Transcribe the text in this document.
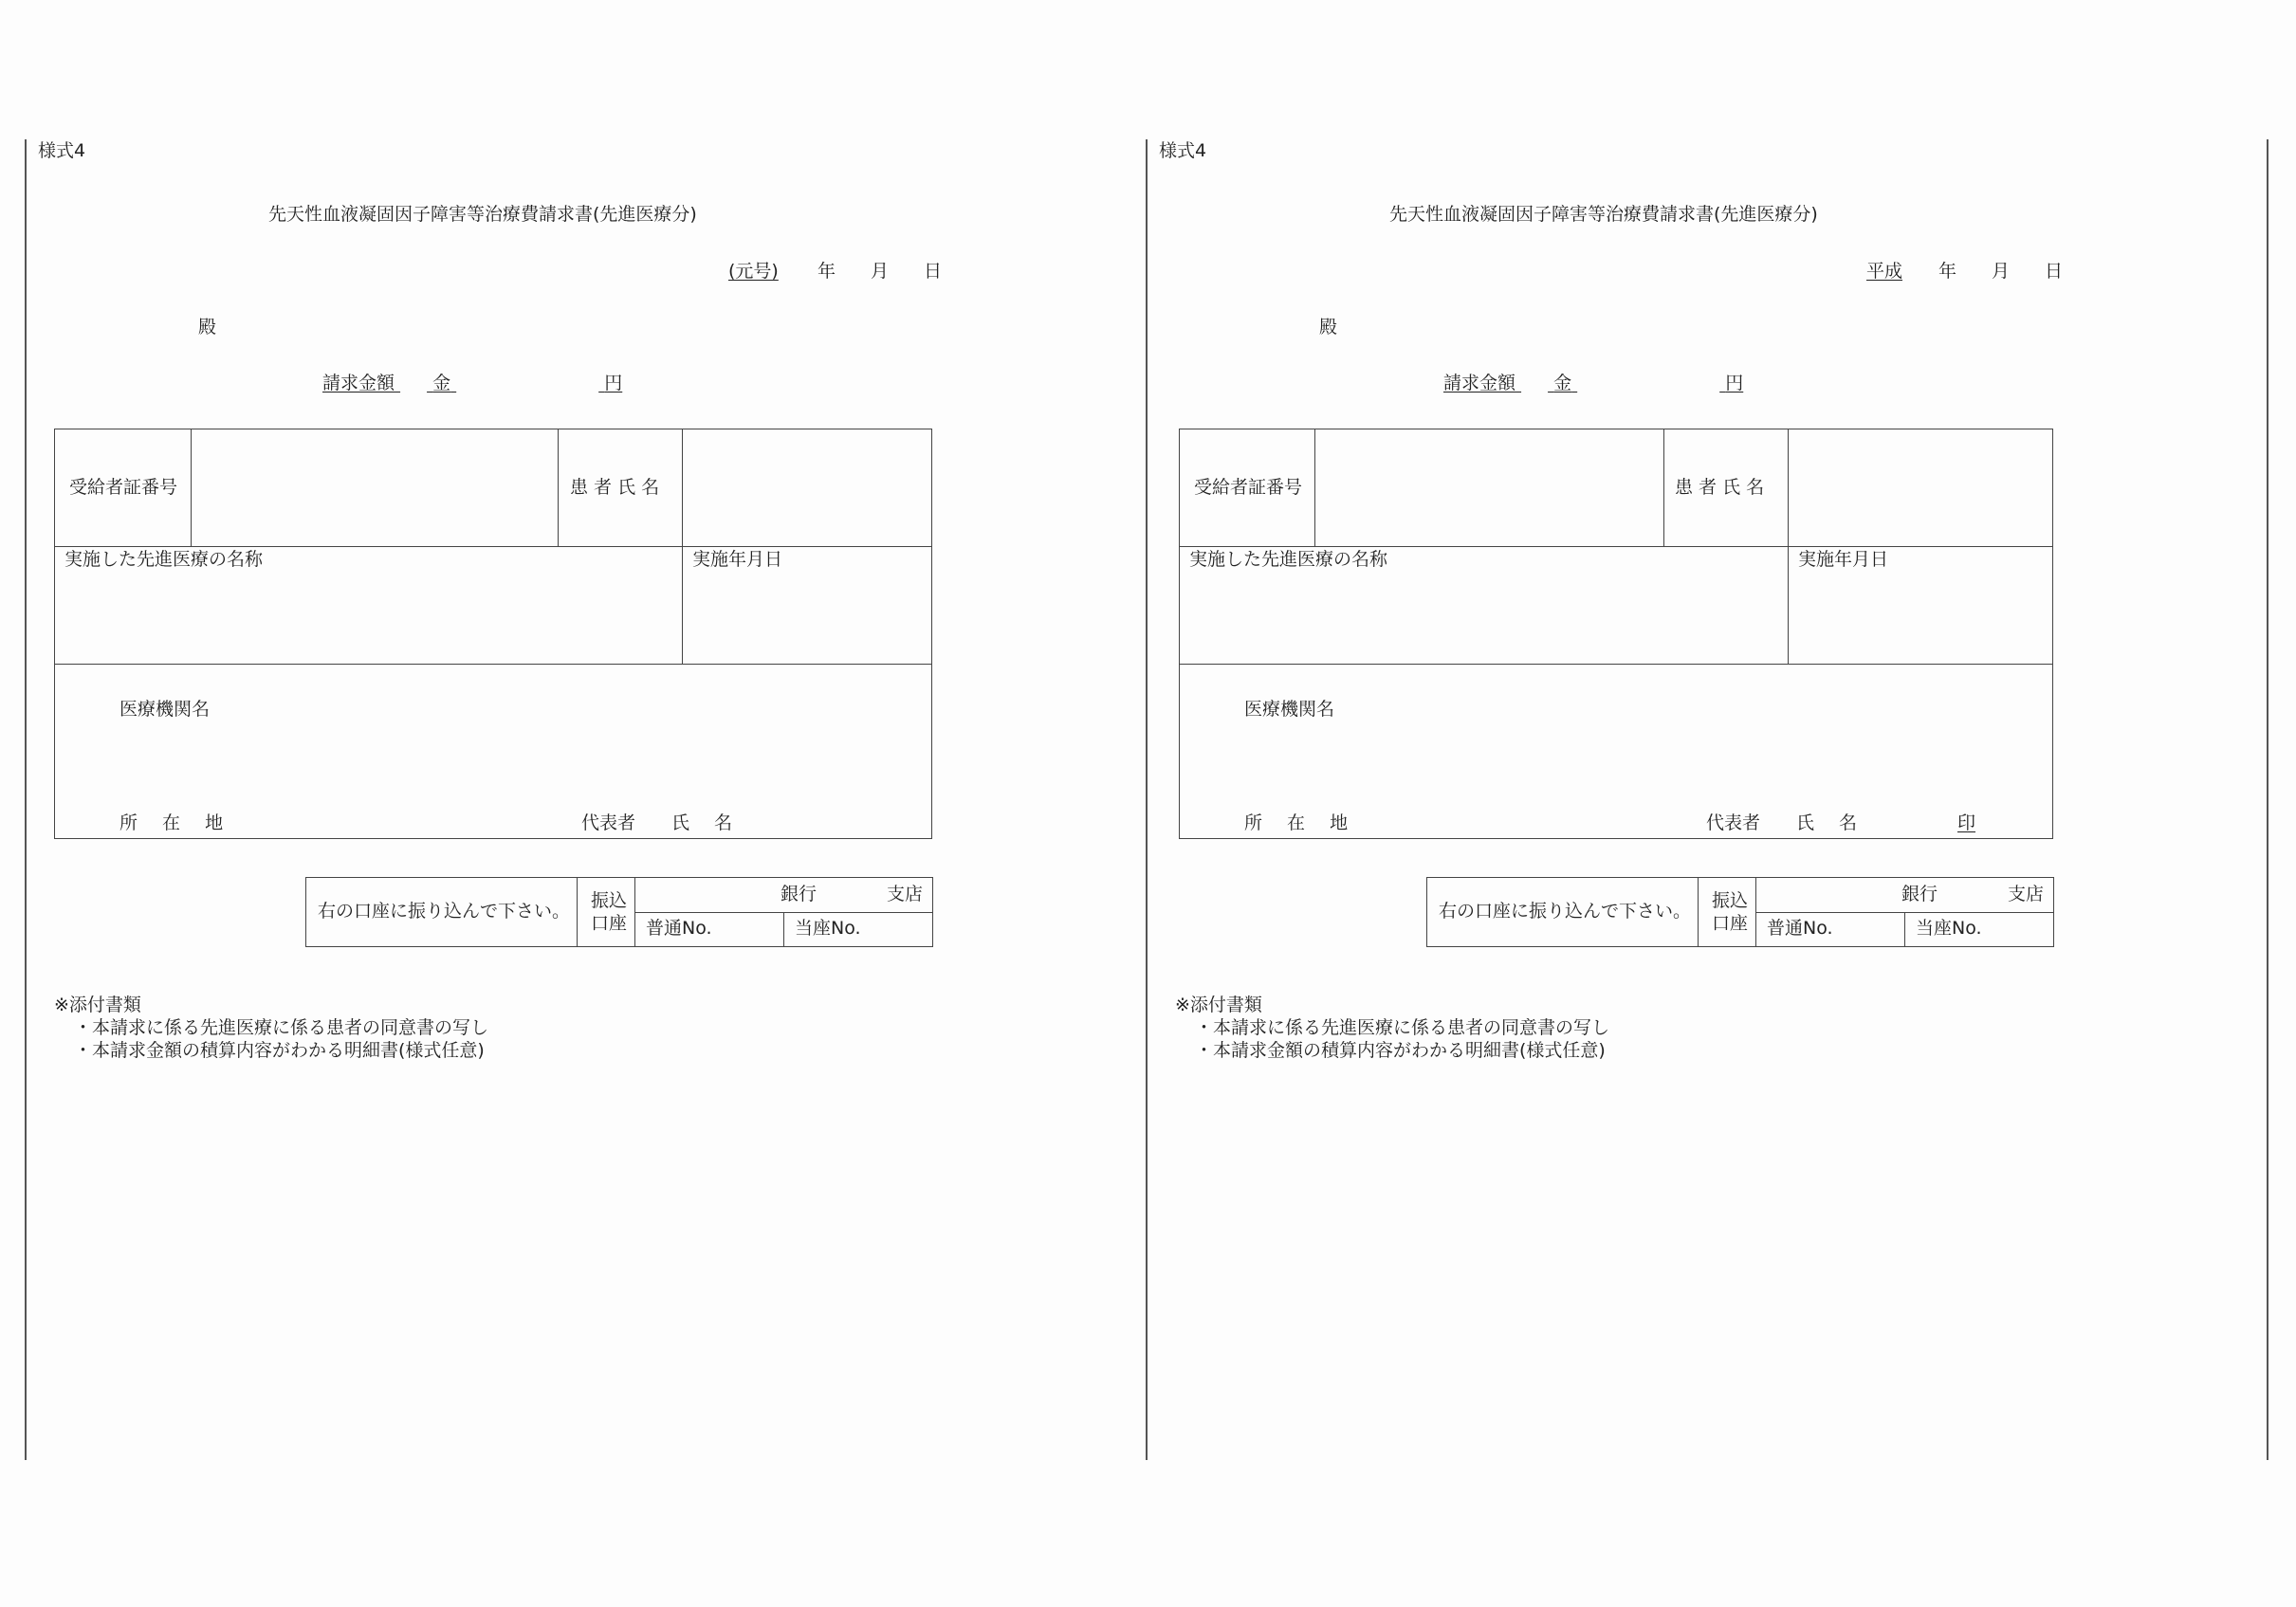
様式4
先天性血液凝固因子障害等治療費請求書(先進医療分)
(元号) 年 月 日
殿
請求金額 金	円
受給者証番号	患 者 氏 名
実施した先進医療の名称	実施年月日
医療機関名
所 在 地	代表者 氏 名
右の口座に振り込んで下さい。 振込
口座
銀行	支店
普通No.	当座No.
※添付書類
・本請求に係る先進医療に係る患者の同意書の写し
・本請求金額の積算内容がわかる明細書(様式任意)
様式4
先天性血液凝固因子障害等治療費請求書(先進医療分)
平成 年 月 日
殿
請求金額 金	円
受給者証番号	患 者 氏 名
実施した先進医療の名称	実施年月日
医療機関名
所 在 地	代表者 氏 名	印
右の口座に振り込んで下さい。 振込
口座
銀行	支店
普通No.	当座No.
※添付書類
・本請求に係る先進医療に係る患者の同意書の写し
・本請求金額の積算内容がわかる明細書(様式任意)
